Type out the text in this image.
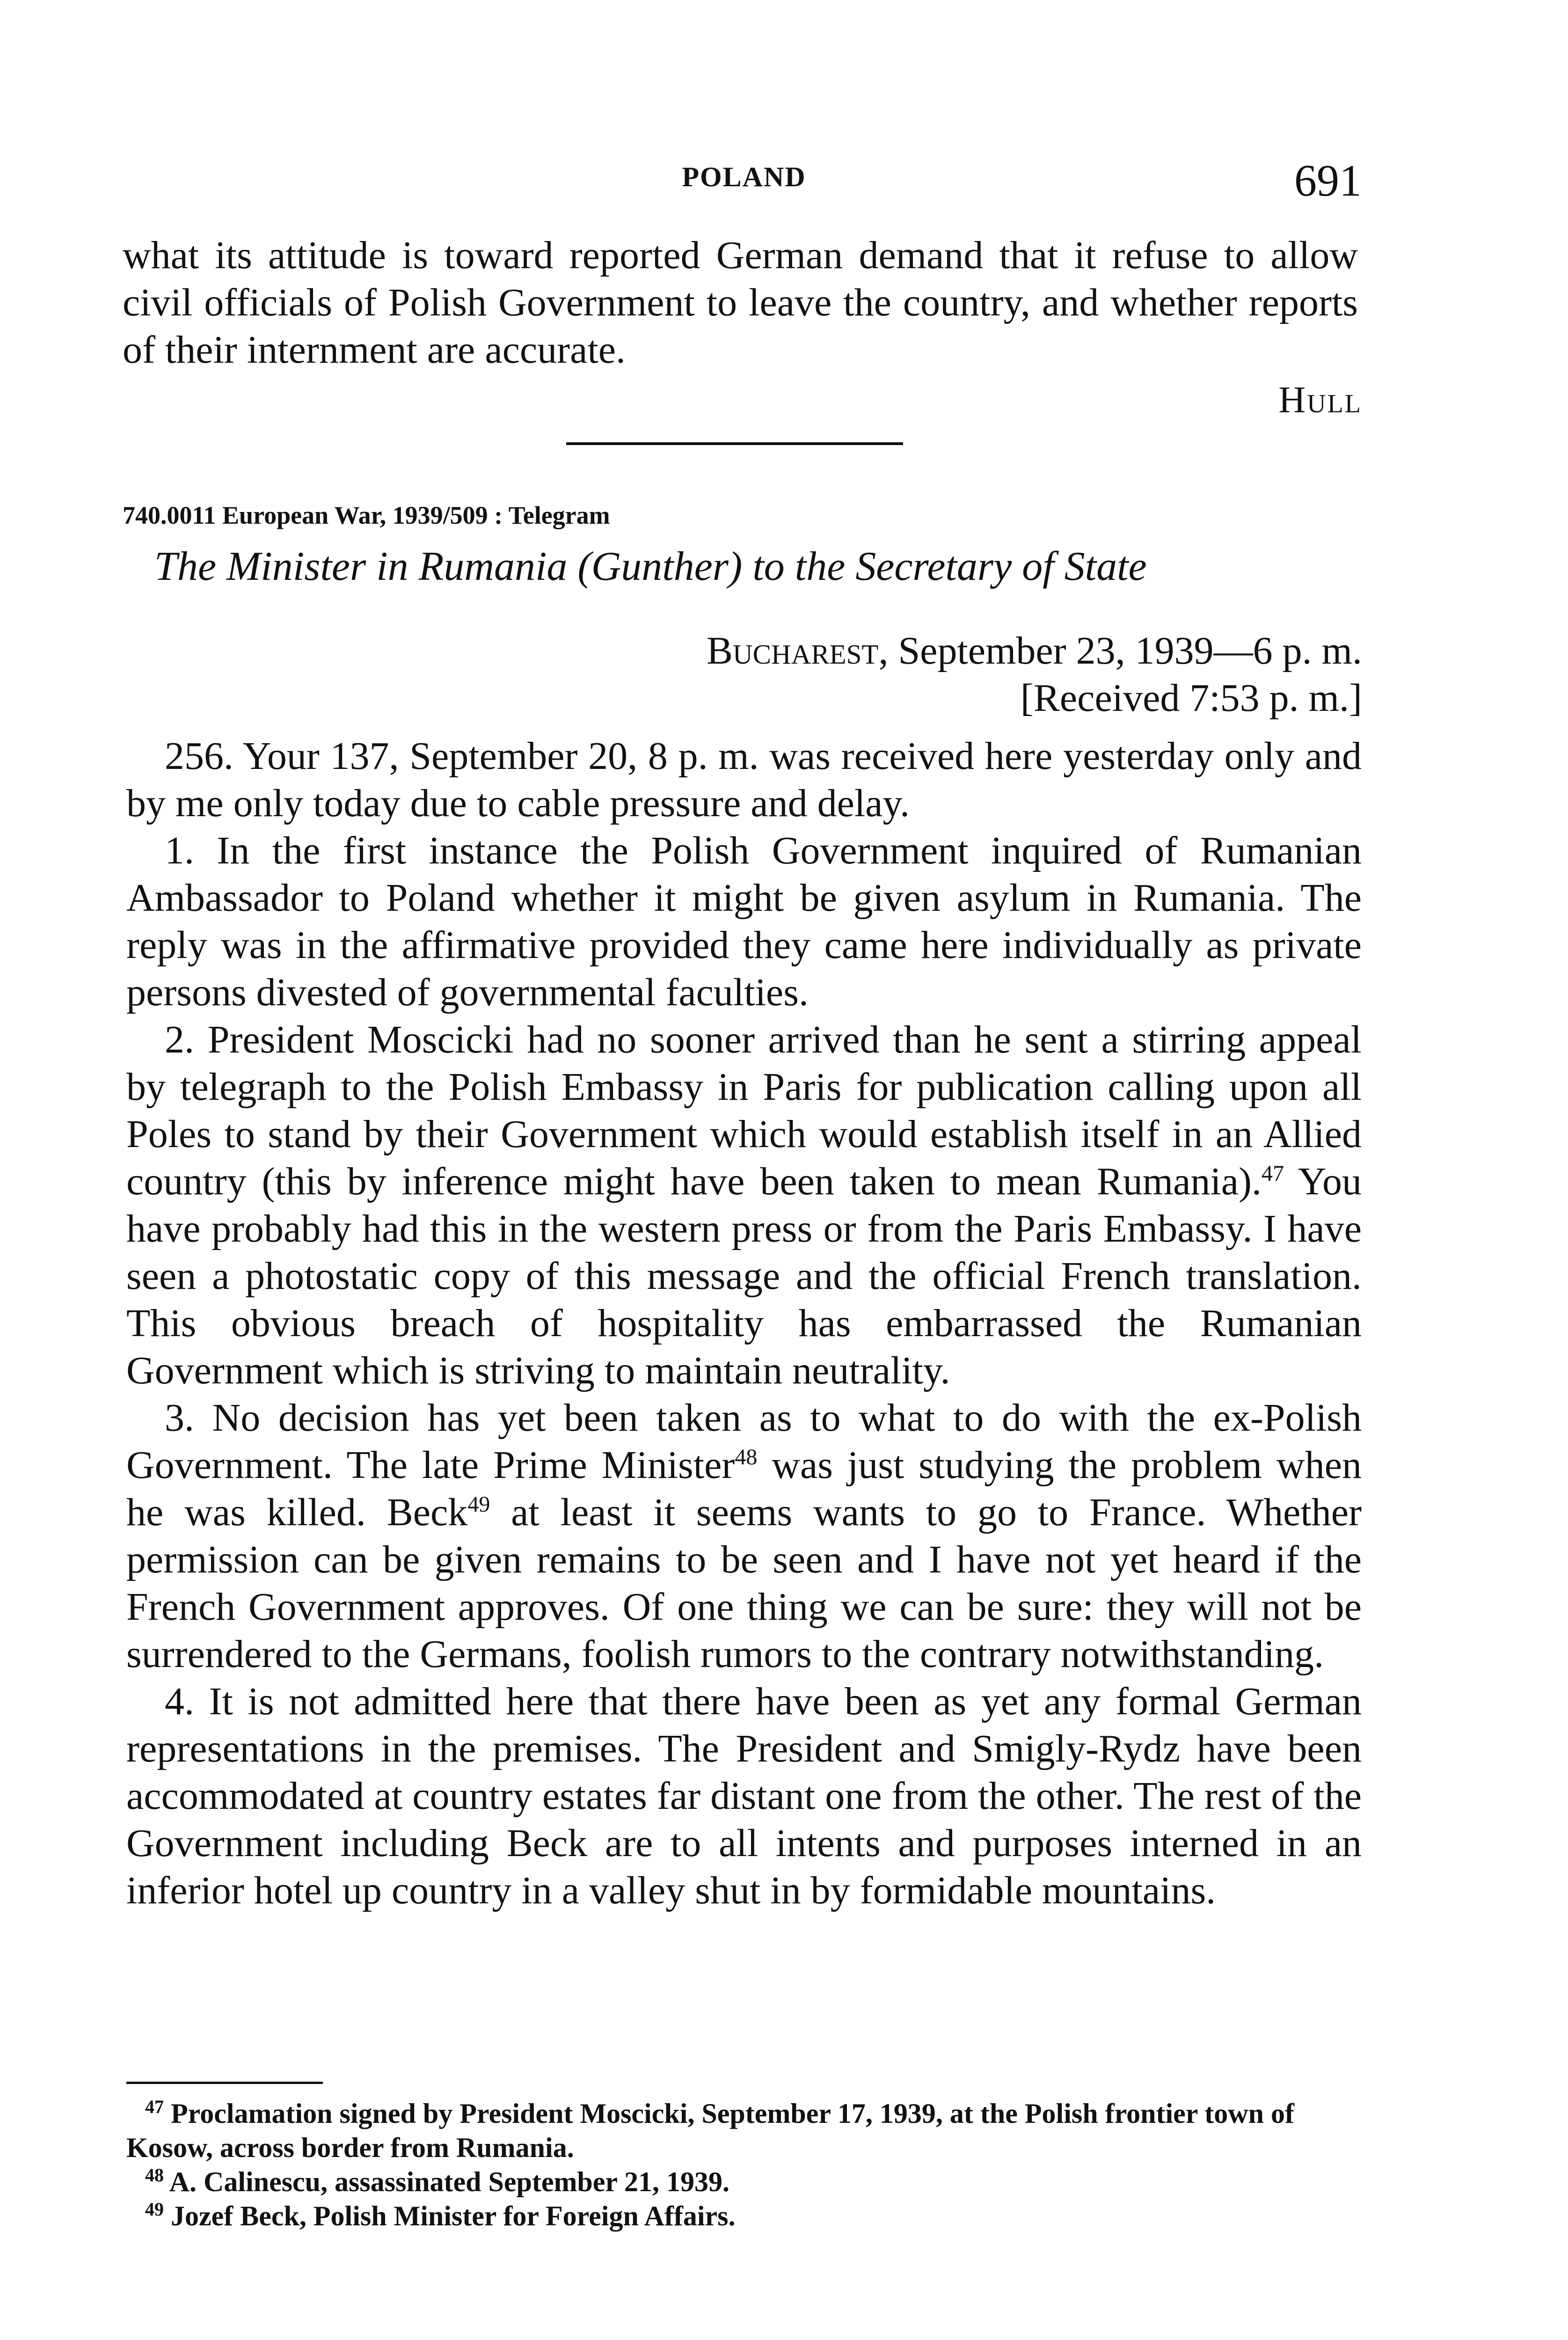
POLAND	691

what its attitude is toward reported German demand that it refuse to allow civil officials of Polish Government to leave the country, and whether reports of their internment are accurate.

Hull
740.0011 European War, 1939/509 : Telegram
The Minister in Rumania (Gunther) to the Secretary of State
Bucharest, September 23, 1939—6 p. m.
[Received 7:53 p. m.]

256. Your 137, September 20, 8 p. m. was received here yesterday only and by me only today due to cable pressure and delay.

1. In the first instance the Polish Government inquired of Rumanian Ambassador to Poland whether it might be given asylum in Rumania. The reply was in the affirmative provided they came here individually as private persons divested of governmental faculties.

2. President Moscicki had no sooner arrived than he sent a stirring appeal by telegraph to the Polish Embassy in Paris for publication calling upon all Poles to stand by their Government which would establish itself in an Allied country (this by inference might have been taken to mean Rumania).$^{47}$ You have probably had this in the western press or from the Paris Embassy. I have seen a photostatic copy of this message and the official French translation. This obvious breach of hospitality has embarrassed the Rumanian Government which is striving to maintain neutrality.

3. No decision has yet been taken as to what to do with the ex-Polish Government. The late Prime Minister$^{48}$ was just studying the problem when he was killed. Beck$^{49}$ at least it seems wants to go to France. Whether permission can be given remains to be seen and I have not yet heard if the French Government approves. Of one thing we can be sure: they will not be surrendered to the Germans, foolish rumors to the contrary notwithstanding.

4. It is not admitted here that there have been as yet any formal German representations in the premises. The President and Smigly-Rydz have been accommodated at country estates far distant one from the other. The rest of the Government including Beck are to all intents and purposes interned in an inferior hotel up country in a valley shut in by formidable mountains.

$^{47}$ Proclamation signed by President Moscicki, September 17, 1939, at the Polish frontier town of Kosow, across border from Rumania.

$^{48}$ A. Calinescu, assassinated September 21, 1939.

$^{49}$ Jozef Beck, Polish Minister for Foreign Affairs.
